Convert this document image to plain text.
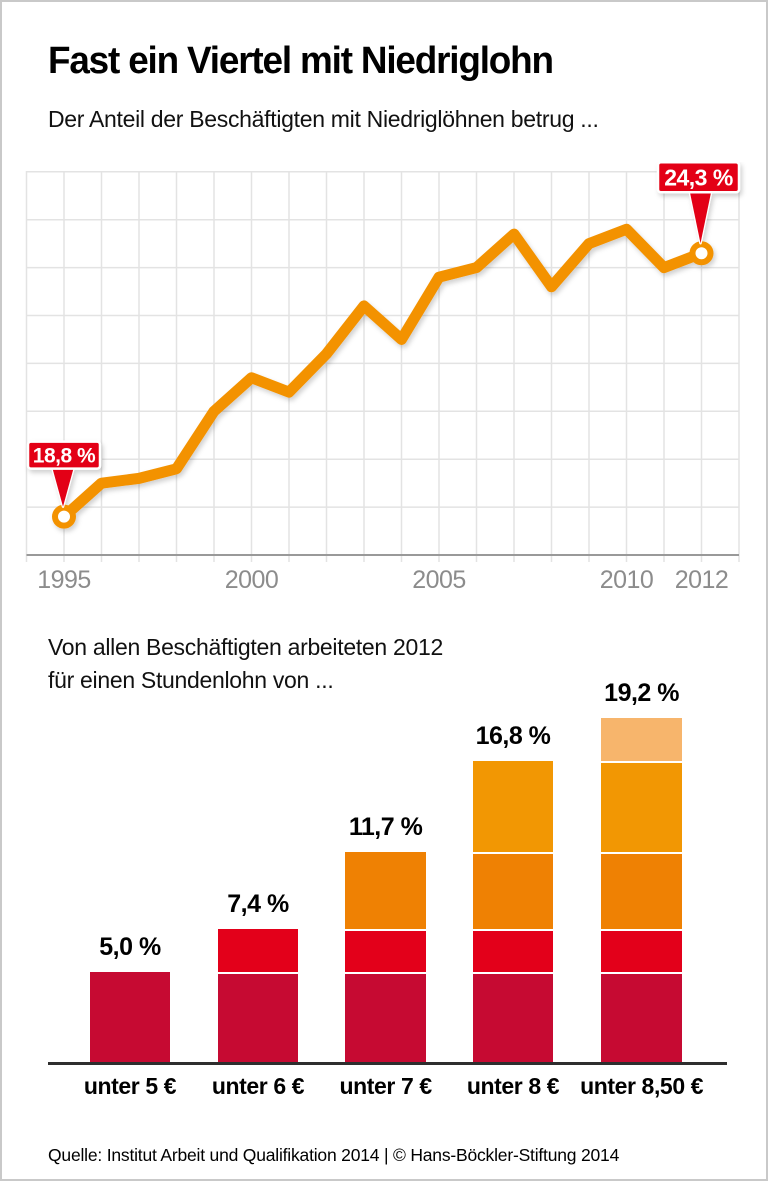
Fast ein Viertel mit Niedriglohn
Der Anteil der Beschäftigten mit Niedriglöhnen betrug ...
1995	2000	2005	2010 2012
18,8 %
24,3 %
Von allen Beschäftigten arbeiteten 2012
für einen Stundenlohn von ...
5,0 %
unter 5 €
7,4 %
unter 6 €
11,7 %
unter 7 €
16,8 %
unter 8 €
19,2 %
unter 8,50 €
Quelle: Institut Arbeit und Qualifikation 2014 | © Hans-Böckler-Stiftung 2014
